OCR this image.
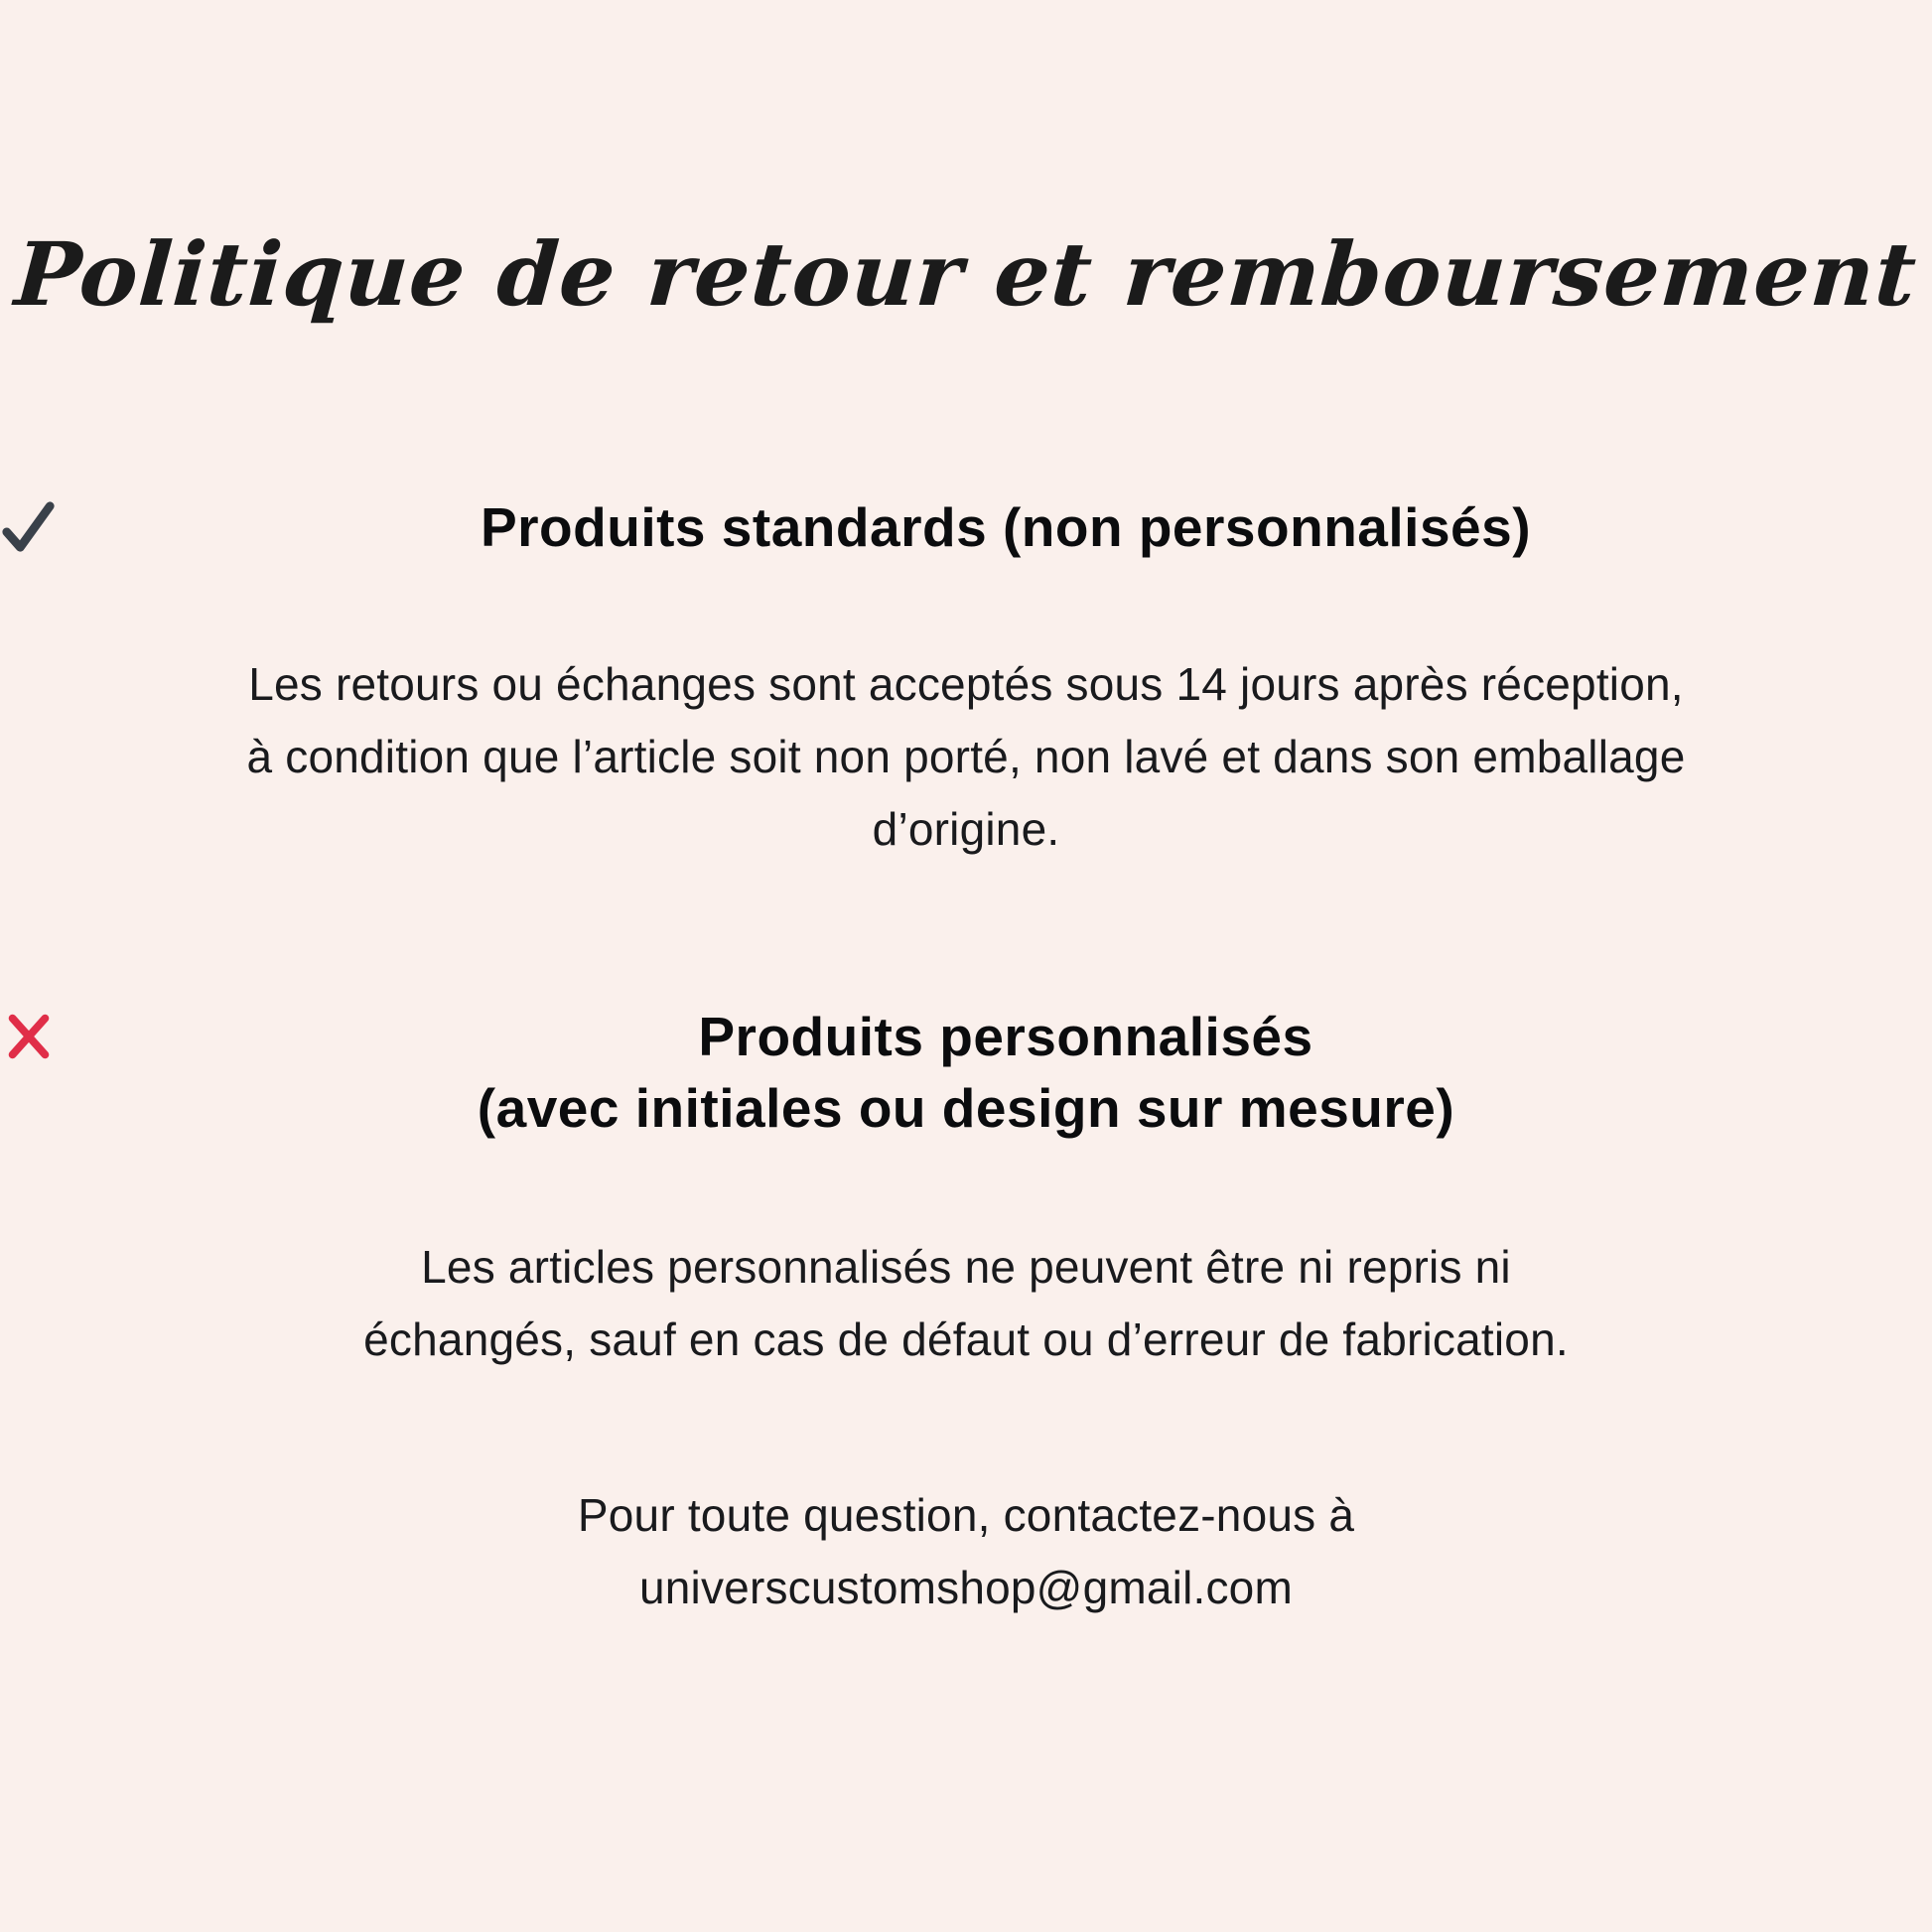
Politique de retour et remboursement
Produits standards (non personnalisés)

Les retours ou échanges sont acceptés sous 14 jours après réception, à condition que l’article soit non porté, non lavé et dans son emballage d’origine.

Produits personnalisés
(avec initiales ou design sur mesure)

Les articles personnalisés ne peuvent être ni repris ni échangés, sauf en cas de défaut ou d’erreur de fabrication.

Pour toute question, contactez-nous à
universcustomshop@gmail.com
